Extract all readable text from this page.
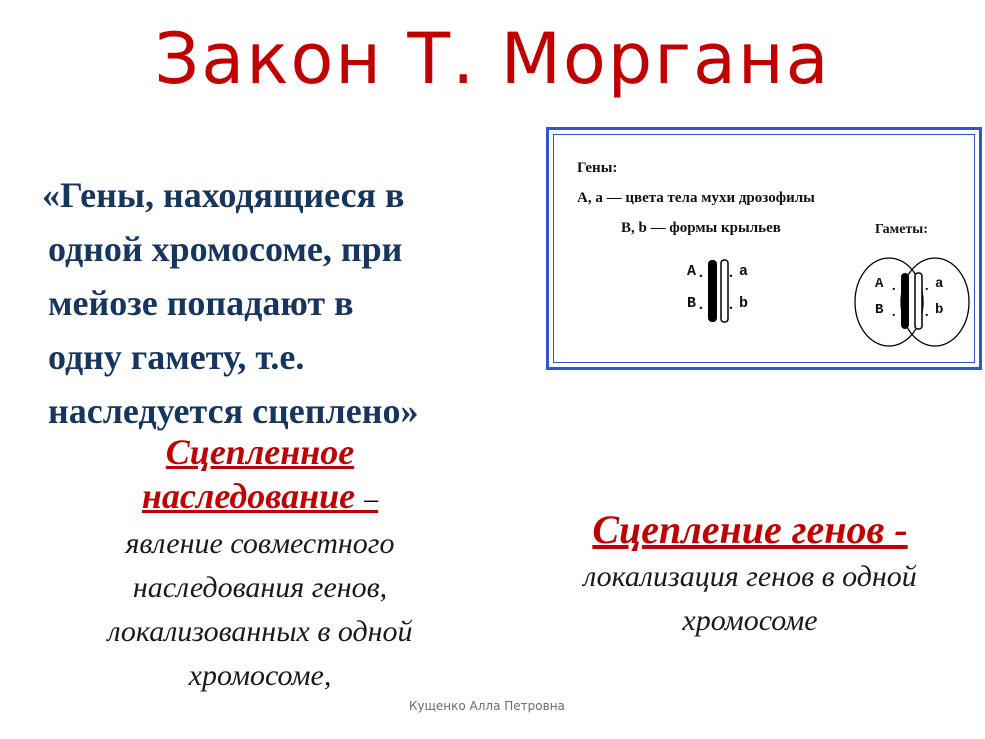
Закон Т. Моргана
«Гены, находящиеся в
одной хромосоме, при
мейозе попадают в
одну гамету, т.е.
наследуется сцеплено»
Сцепленное
наследование –
явление совместного
наследования генов,
локализованных в одной
хромосоме,
Сцепление генов -
локализация генов в одной
хромосоме
Гены:
А, а — цвета тела мухи дрозофилы
В, b — формы крыльев	Гаметы:
А
В
а
b
.
.
.
.
.
.
.
.
А
В
а
b
Кущенко Алла Петровна
